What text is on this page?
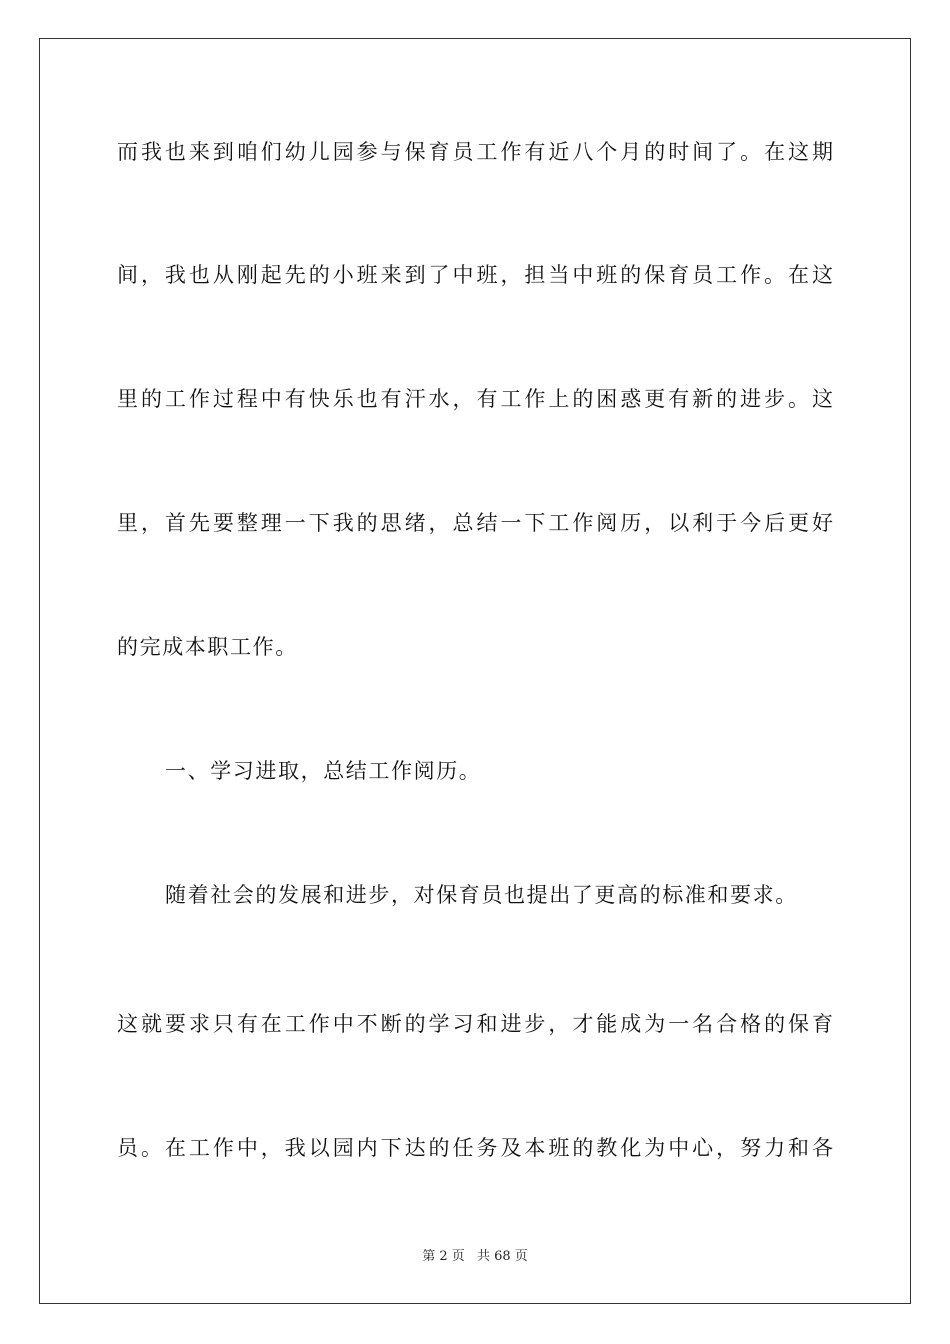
而我也来到咱们幼儿园参与保育员工作有近八个月的时间了。在这期
间，我也从刚起先的小班来到了中班，担当中班的保育员工作。在这
里的工作过程中有快乐也有汗水，有工作上的困惑更有新的进步。这
里，首先要整理一下我的思绪，总结一下工作阅历，以利于今后更好
的完成本职工作。
一、学习进取，总结工作阅历。
随着社会的发展和进步，对保育员也提出了更高的标准和要求。
这就要求只有在工作中不断的学习和进步，才能成为一名合格的保育
员。在工作中，我以园内下达的任务及本班的教化为中心，努力和各
第 2 页 共 68 页
